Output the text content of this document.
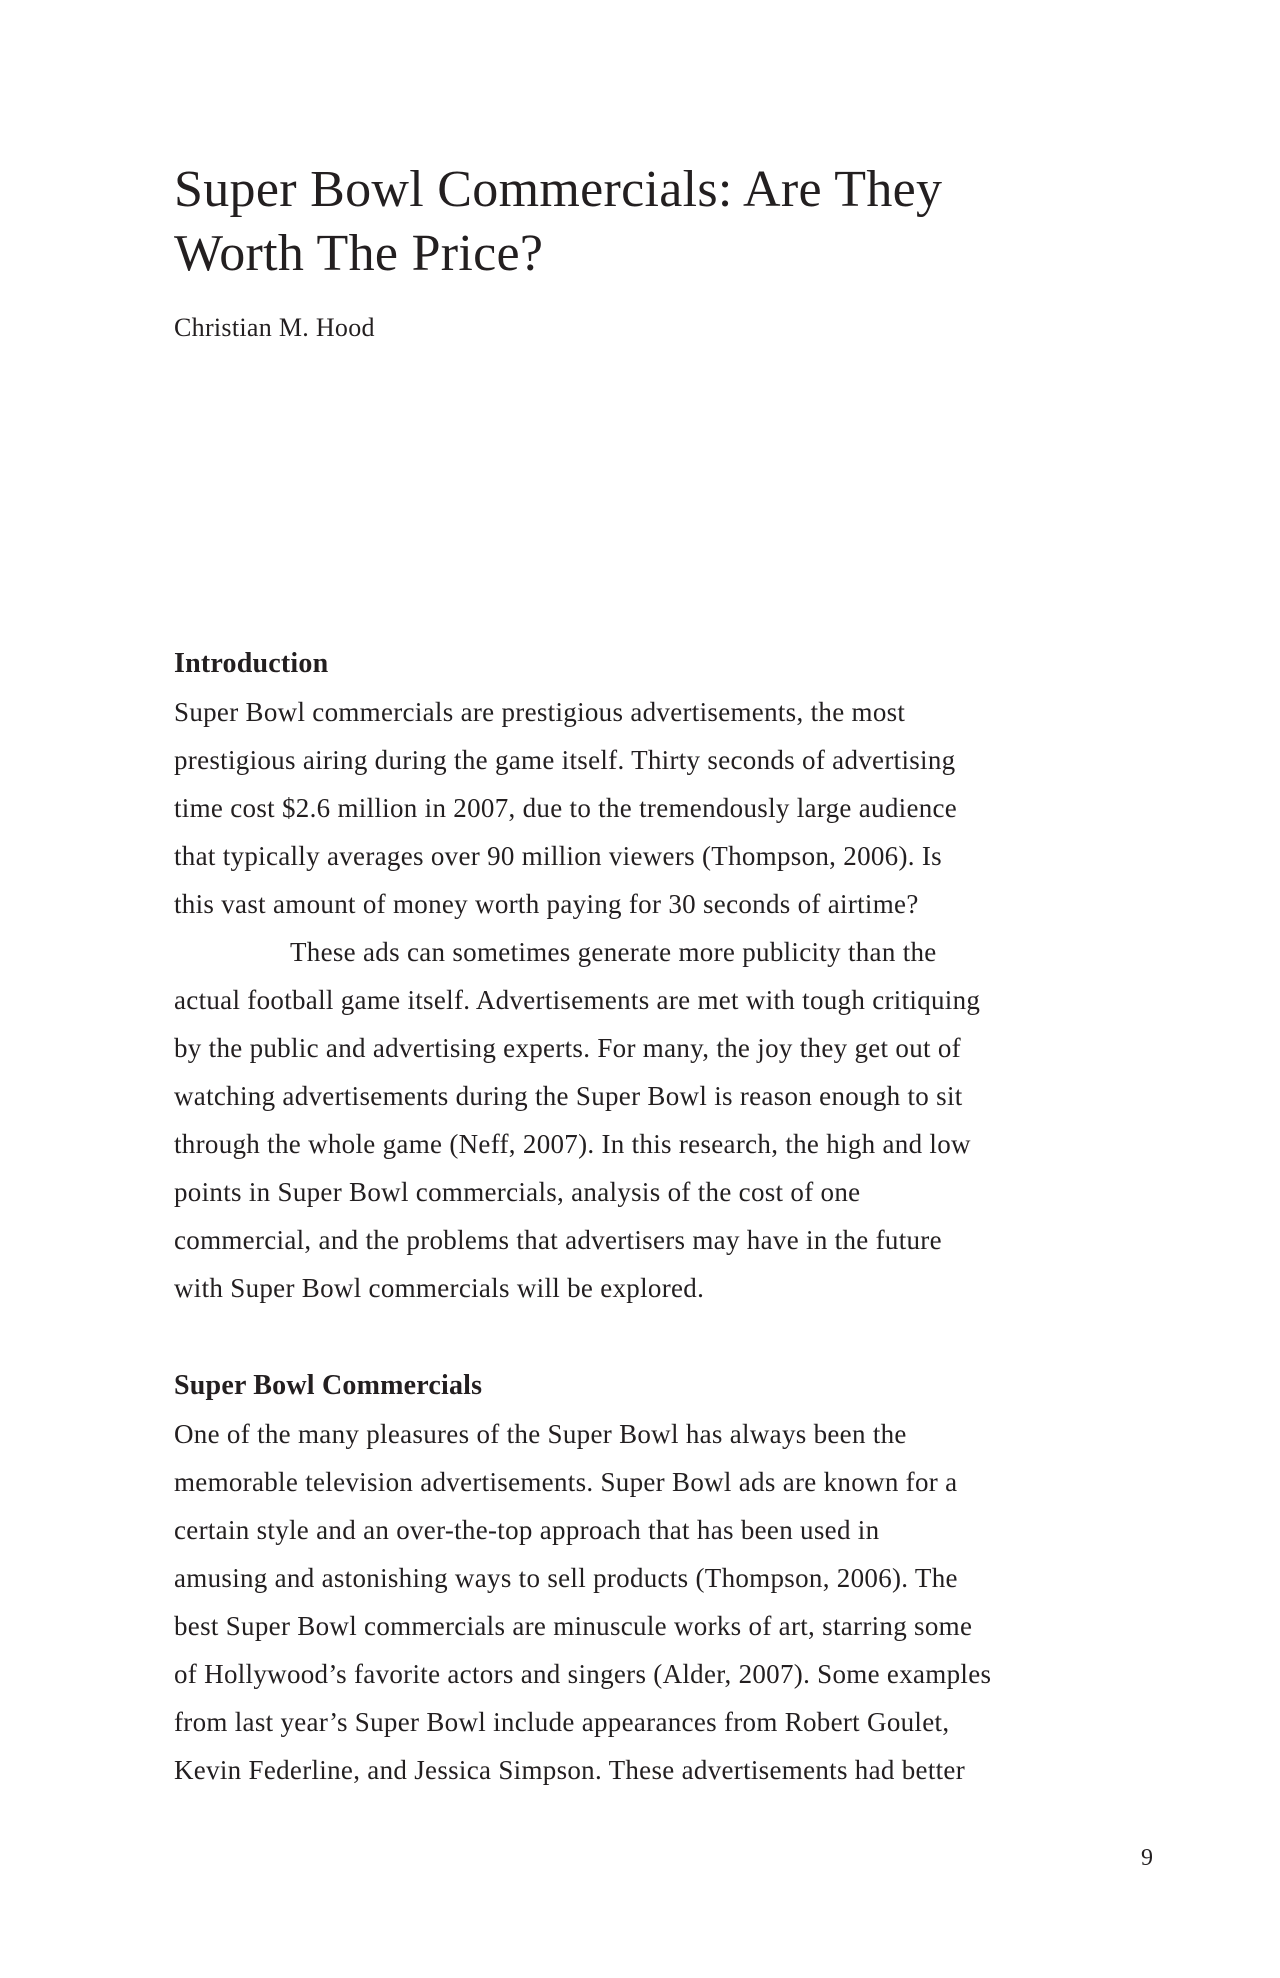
Super Bowl Commercials: Are They
Worth The Price?

Christian M. Hood

Introduction

Super Bowl commercials are prestigious advertisements, the most
prestigious airing during the game itself. Thirty seconds of advertising
time cost $2.6 million in 2007, due to the tremendously large audience
that typically averages over 90 million viewers (Thompson, 2006). Is
this vast amount of money worth paying for 30 seconds of airtime?

These ads can sometimes generate more publicity than the
actual football game itself. Advertisements are met with tough critiquing
by the public and advertising experts. For many, the joy they get out of
watching advertisements during the Super Bowl is reason enough to sit
through the whole game (Neff, 2007). In this research, the high and low
points in Super Bowl commercials, analysis of the cost of one
commercial, and the problems that advertisers may have in the future
with Super Bowl commercials will be explored.

Super Bowl Commercials

One of the many pleasures of the Super Bowl has always been the
memorable television advertisements. Super Bowl ads are known for a
certain style and an over-the-top approach that has been used in
amusing and astonishing ways to sell products (Thompson, 2006). The
best Super Bowl commercials are minuscule works of art, starring some
of Hollywood’s favorite actors and singers (Alder, 2007). Some examples
from last year’s Super Bowl include appearances from Robert Goulet,
Kevin Federline, and Jessica Simpson. These advertisements had better

9
